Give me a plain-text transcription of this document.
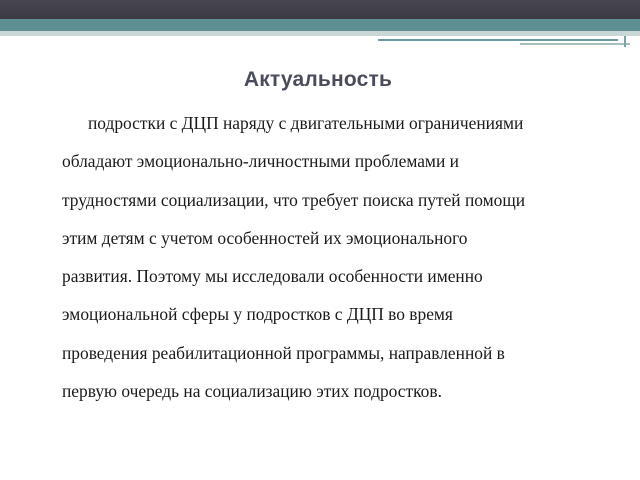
Актуальность

подростки с ДЦП наряду с двигательными ограничениями
обладают эмоционально-личностными проблемами и
трудностями социализации, что требует поиска путей помощи
этим детям с учетом особенностей их эмоционального
развития. Поэтому мы исследовали особенности именно
эмоциональной сферы у подростков с ДЦП во время
проведения реабилитационной программы, направленной в
первую очередь на социализацию этих подростков.
